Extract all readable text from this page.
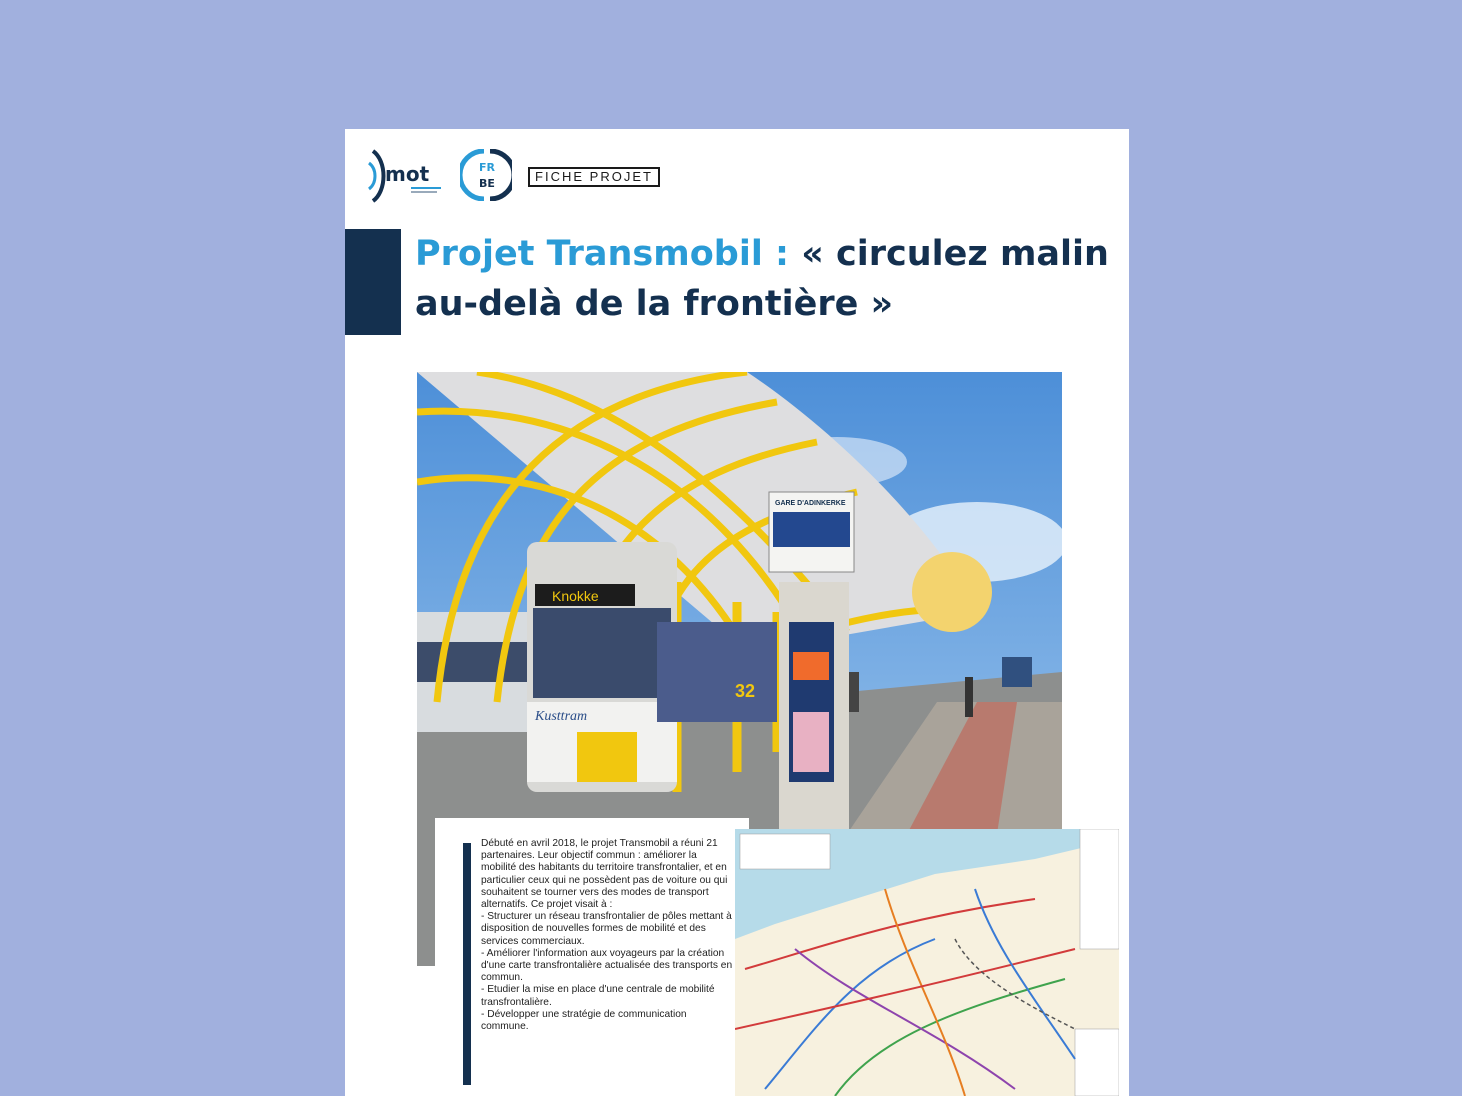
mot	FR
BE	FICHE PROJET
Projet Transmobil : « circulez malin au-delà de la frontière »
Knokke
Kusttram
32
GARE D'ADINKERKE

Débuté en avril 2018, le projet Transmobil a réuni 21 partenaires. Leur objectif commun : améliorer la mobilité des habitants du territoire transfrontalier, et en particulier ceux qui ne possèdent pas de voiture ou qui souhaitent se tourner vers des modes de transport alternatifs. Ce projet visait à :

- Structurer un réseau transfrontalier de pôles mettant à disposition de nouvelles formes de mobilité et des services commerciaux.

- Améliorer l'information aux voyageurs par la création d'une carte transfrontalière actualisée des transports en commun.

- Etudier la mise en place d'une centrale de mobilité transfrontalière.

- Développer une stratégie de communication commune.
